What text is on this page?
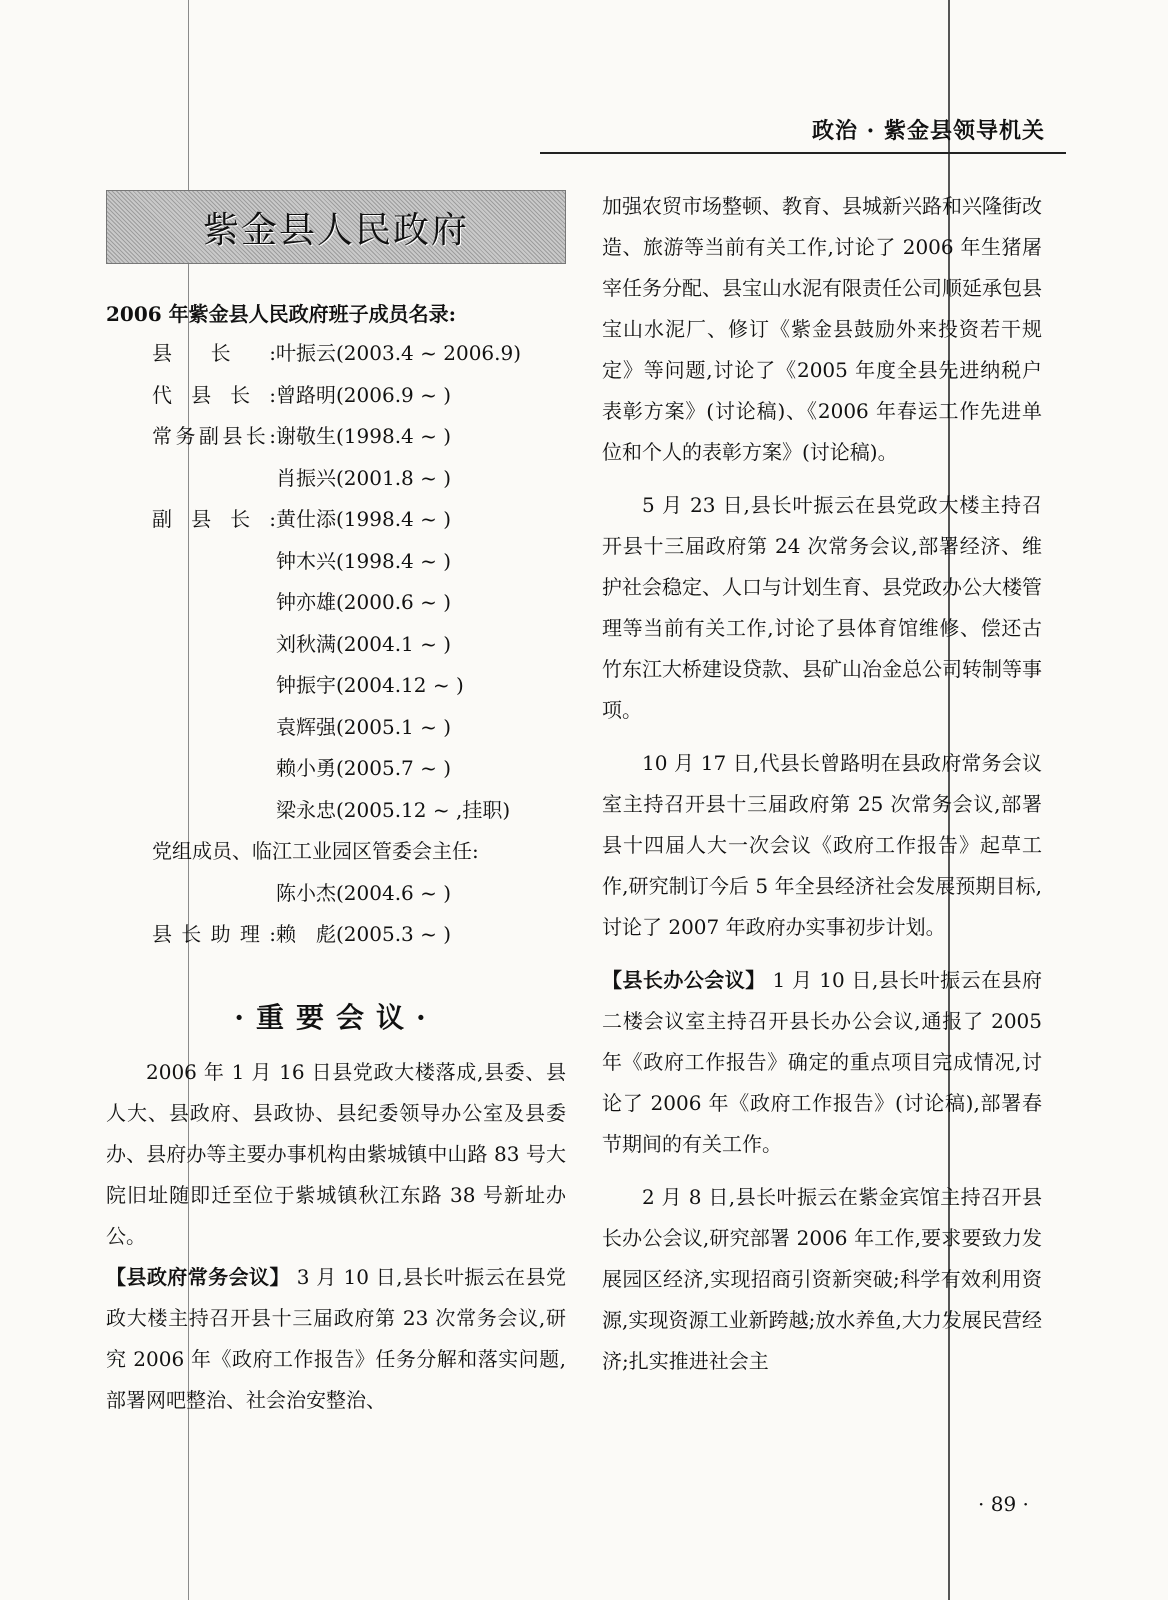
政治 · 紫金县领导机关
紫金县人民政府
2006 年紫金县人民政府班子成员名录:
县长: 叶振云(2003.4 ~ 2006.9)
代县长: 曾路明(2006.9 ~ )
常务副县长: 谢敬生(1998.4 ~ )
肖振兴(2001.8 ~ )
副县长: 黄仕添(1998.4 ~ )
钟木兴(1998.4 ~ )
钟亦雄(2000.6 ~ )
刘秋满(2004.1 ~ )
钟振宇(2004.12 ~ )
袁辉强(2005.1 ~ )
赖小勇(2005.7 ~ )
梁永忠(2005.12 ~ ,挂职)
党组成员、临江工业园区管委会主任:
陈小杰(2004.6 ~ )
县长助理: 赖　彪(2005.3 ~ )
·重要会议·

2006 年 1 月 16 日县党政大楼落成,县委、县人大、县政府、县政协、县纪委领导办公室及县委办、县府办等主要办事机构由紫城镇中山路 83 号大院旧址随即迁至位于紫城镇秋江东路 38 号新址办公。

【县政府常务会议】 3 月 10 日,县长叶振云在县党政大楼主持召开县十三届政府第 23 次常务会议,研究 2006 年《政府工作报告》任务分解和落实问题,部署网吧整治、社会治安整治、

加强农贸市场整顿、教育、县城新兴路和兴隆街改造、旅游等当前有关工作,讨论了 2006 年生猪屠宰任务分配、县宝山水泥有限责任公司顺延承包县宝山水泥厂、修订《紫金县鼓励外来投资若干规定》等问题,讨论了《2005 年度全县先进纳税户表彰方案》(讨论稿)、《2006 年春运工作先进单位和个人的表彰方案》(讨论稿)。

5 月 23 日,县长叶振云在县党政大楼主持召开县十三届政府第 24 次常务会议,部署经济、维护社会稳定、人口与计划生育、县党政办公大楼管理等当前有关工作,讨论了县体育馆维修、偿还古竹东江大桥建设贷款、县矿山冶金总公司转制等事项。

10 月 17 日,代县长曾路明在县政府常务会议室主持召开县十三届政府第 25 次常务会议,部署县十四届人大一次会议《政府工作报告》起草工作,研究制订今后 5 年全县经济社会发展预期目标,讨论了 2007 年政府办实事初步计划。

【县长办公会议】 1 月 10 日,县长叶振云在县府二楼会议室主持召开县长办公会议,通报了 2005 年《政府工作报告》确定的重点项目完成情况,讨论了 2006 年《政府工作报告》(讨论稿),部署春节期间的有关工作。

2 月 8 日,县长叶振云在紫金宾馆主持召开县长办公会议,研究部署 2006 年工作,要求要致力发展园区经济,实现招商引资新突破;科学有效利用资源,实现资源工业新跨越;放水养鱼,大力发展民营经济;扎实推进社会主

· 89 ·
